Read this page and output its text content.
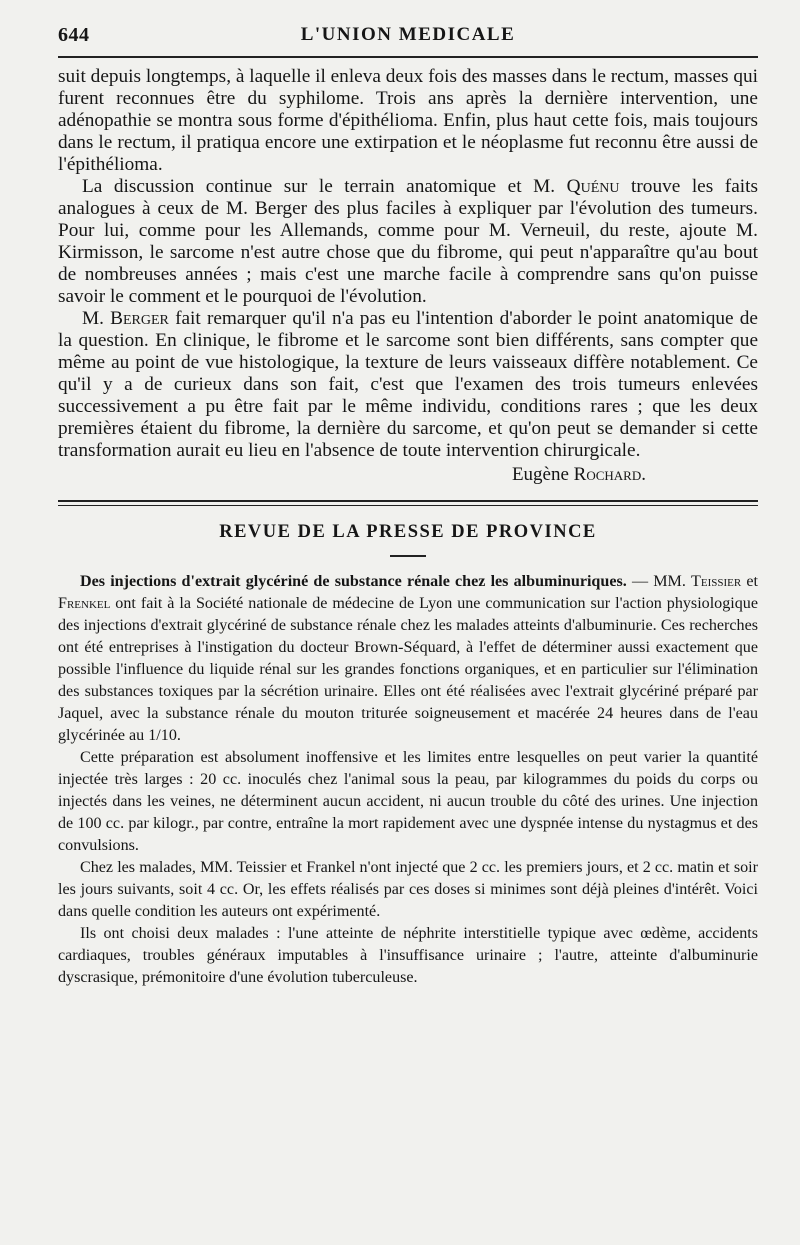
644	L'UNION MEDICALE

suit depuis longtemps, à laquelle il enleva deux fois des masses dans le rectum, masses qui furent reconnues être du syphilome. Trois ans après la dernière intervention, une adénopathie se montra sous forme d'épithélioma. Enfin, plus haut cette fois, mais toujours dans le rectum, il pratiqua encore une extirpation et le néoplasme fut reconnu être aussi de l'épithélioma.

La discussion continue sur le terrain anatomique et M. Quénu trouve les faits analogues à ceux de M. Berger des plus faciles à expliquer par l'évolution des tumeurs. Pour lui, comme pour les Allemands, comme pour M. Verneuil, du reste, ajoute M. Kirmisson, le sarcome n'est autre chose que du fibrome, qui peut n'apparaître qu'au bout de nombreuses années ; mais c'est une marche facile à comprendre sans qu'on puisse savoir le comment et le pourquoi de l'évolution.

M. Berger fait remarquer qu'il n'a pas eu l'intention d'aborder le point anatomique de la question. En clinique, le fibrome et le sarcome sont bien différents, sans compter que même au point de vue histologique, la texture de leurs vaisseaux diffère notablement. Ce qu'il y a de curieux dans son fait, c'est que l'examen des trois tumeurs enlevées successivement a pu être fait par le même individu, conditions rares ; que les deux premières étaient du fibrome, la dernière du sarcome, et qu'on peut se demander si cette transformation aurait eu lieu en l'absence de toute intervention chirurgicale.

Eugène Rochard.
REVUE DE LA PRESSE DE PROVINCE

Des injections d'extrait glycériné de substance rénale chez les albuminuriques. — MM. Teissier et Frenkel ont fait à la Société nationale de médecine de Lyon une communication sur l'action physiologique des injections d'extrait glycériné de substance rénale chez les malades atteints d'albuminurie. Ces recherches ont été entreprises à l'instigation du docteur Brown-Séquard, à l'effet de déterminer aussi exactement que possible l'influence du liquide rénal sur les grandes fonctions organiques, et en particulier sur l'élimination des substances toxiques par la sécrétion urinaire. Elles ont été réalisées avec l'extrait glycériné préparé par Jaquel, avec la substance rénale du mouton triturée soigneusement et macérée 24 heures dans de l'eau glycérinée au 1/10.

Cette préparation est absolument inoffensive et les limites entre lesquelles on peut varier la quantité injectée très larges : 20 cc. inoculés chez l'animal sous la peau, par kilogrammes du poids du corps ou injectés dans les veines, ne déterminent aucun accident, ni aucun trouble du côté des urines. Une injection de 100 cc. par kilogr., par contre, entraîne la mort rapidement avec une dyspnée intense du nystagmus et des convulsions.

Chez les malades, MM. Teissier et Frankel n'ont injecté que 2 cc. les premiers jours, et 2 cc. matin et soir les jours suivants, soit 4 cc. Or, les effets réalisés par ces doses si minimes sont déjà pleines d'intérêt. Voici dans quelle condition les auteurs ont expérimenté.

Ils ont choisi deux malades : l'une atteinte de néphrite interstitielle typique avec œdème, accidents cardiaques, troubles généraux imputables à l'insuffisance urinaire ; l'autre, atteinte d'albuminurie dyscrasique, prémonitoire d'une évolution tuberculeuse.
